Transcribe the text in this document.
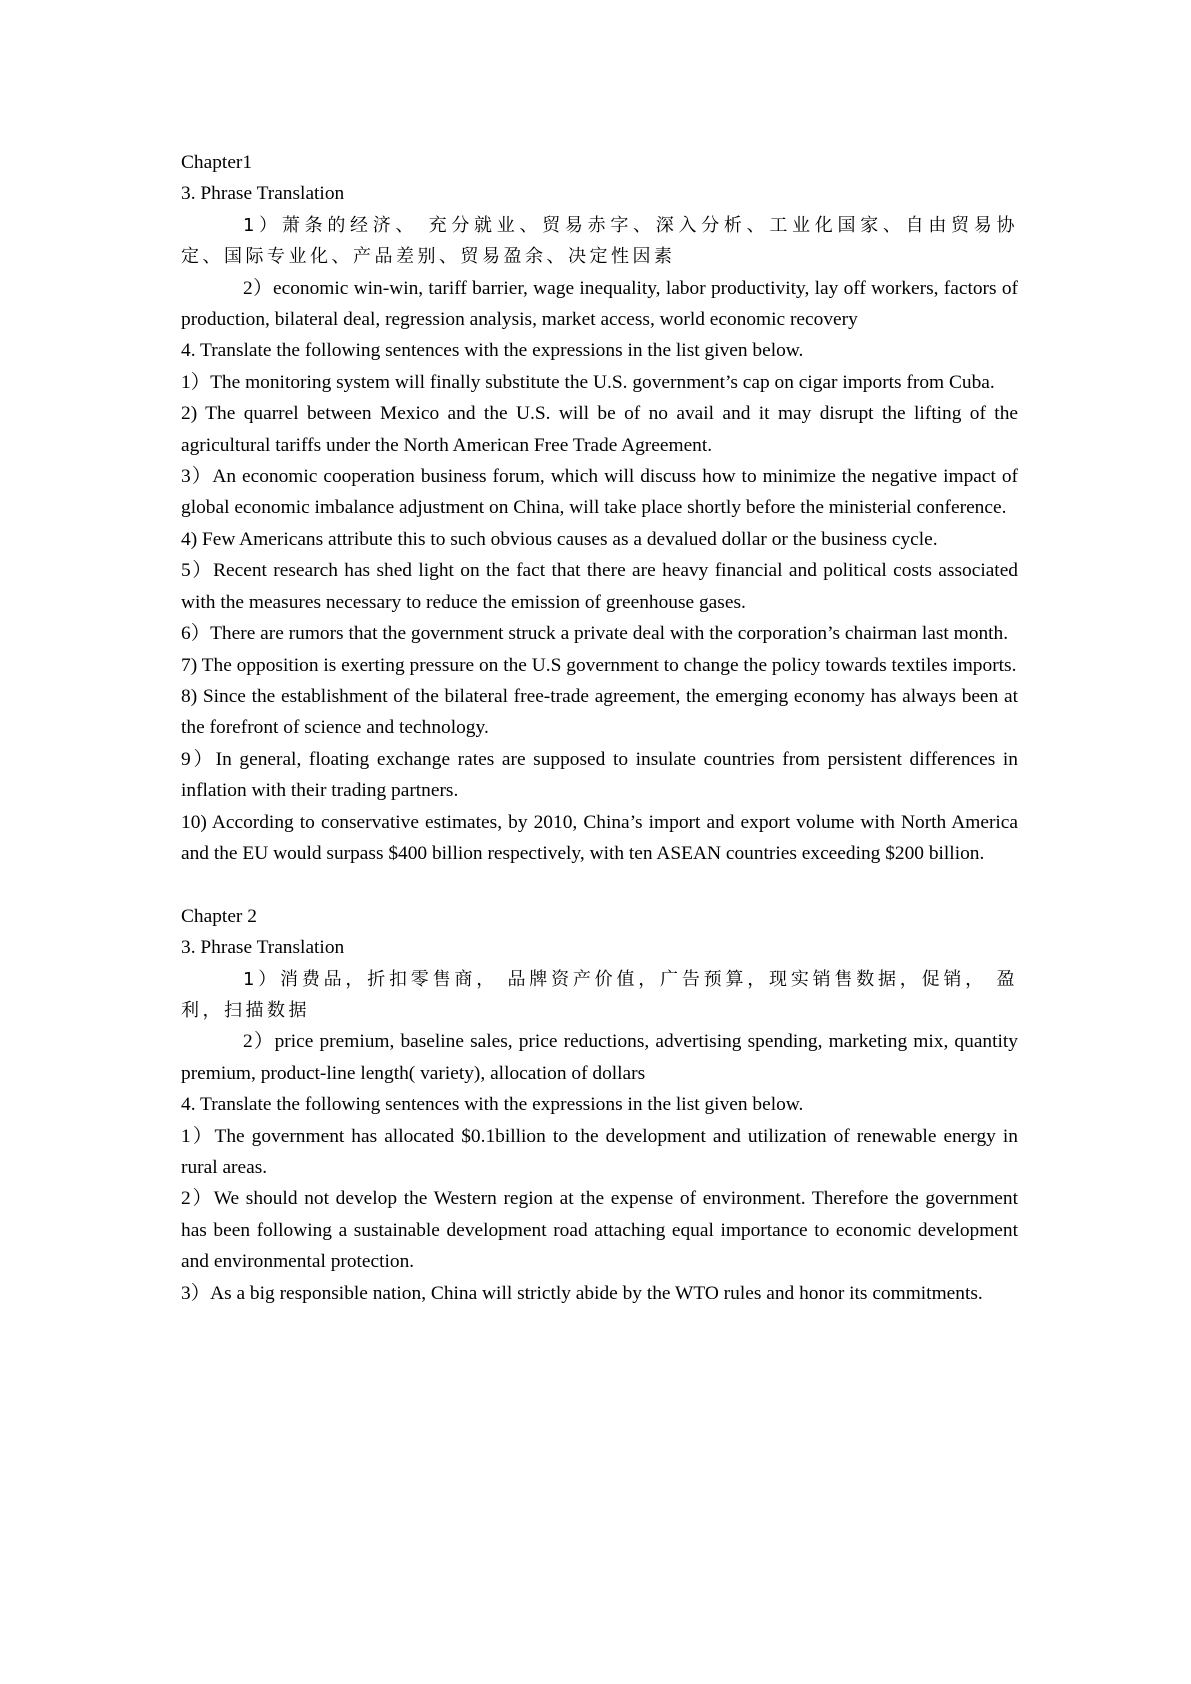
Chapter1

3. Phrase Translation

1）萧条的经济、 充分就业、贸易赤字、深入分析、工业化国家、自由贸易协定、国际专业化、产品差别、贸易盈余、决定性因素

2）economic win-win, tariff barrier, wage inequality, labor productivity, lay off workers, factors of production, bilateral deal, regression analysis, market access, world economic recovery

4. Translate the following sentences with the expressions in the list given below.

1）The monitoring system will finally substitute the U.S. government’s cap on cigar imports from Cuba.

2) The quarrel between Mexico and the U.S. will be of no avail and it may disrupt the lifting of the agricultural tariffs under the North American Free Trade Agreement.

3）An economic cooperation business forum, which will discuss how to minimize the negative impact of global economic imbalance adjustment on China, will take place shortly before the ministerial conference.

4) Few Americans attribute this to such obvious causes as a devalued dollar or the business cycle.

5）Recent research has shed light on the fact that there are heavy financial and political costs associated with the measures necessary to reduce the emission of greenhouse gases.

6）There are rumors that the government struck a private deal with the corporation’s chairman last month.

7) The opposition is exerting pressure on the U.S government to change the policy towards textiles imports.

8) Since the establishment of the bilateral free-trade agreement, the emerging economy has always been at the forefront of science and technology.

9）In general, floating exchange rates are supposed to insulate countries from persistent differences in inflation with their trading partners.

10) According to conservative estimates, by 2010, China’s import and export volume with North America and the EU would surpass $400 billion respectively, with ten ASEAN countries exceeding $200 billion.

Chapter 2

3. Phrase Translation

1）消费品，折扣零售商， 品牌资产价值，广告预算，现实销售数据，促销， 盈利，扫描数据

2）price premium, baseline sales, price reductions, advertising spending, marketing mix, quantity premium, product-line length( variety), allocation of dollars

4. Translate the following sentences with the expressions in the list given below.

1）The government has allocated $0.1billion to the development and utilization of renewable energy in rural areas.

2）We should not develop the Western region at the expense of environment. Therefore the government has been following a sustainable development road attaching equal importance to economic development and environmental protection.

3）As a big responsible nation, China will strictly abide by the WTO rules and honor its commitments.
